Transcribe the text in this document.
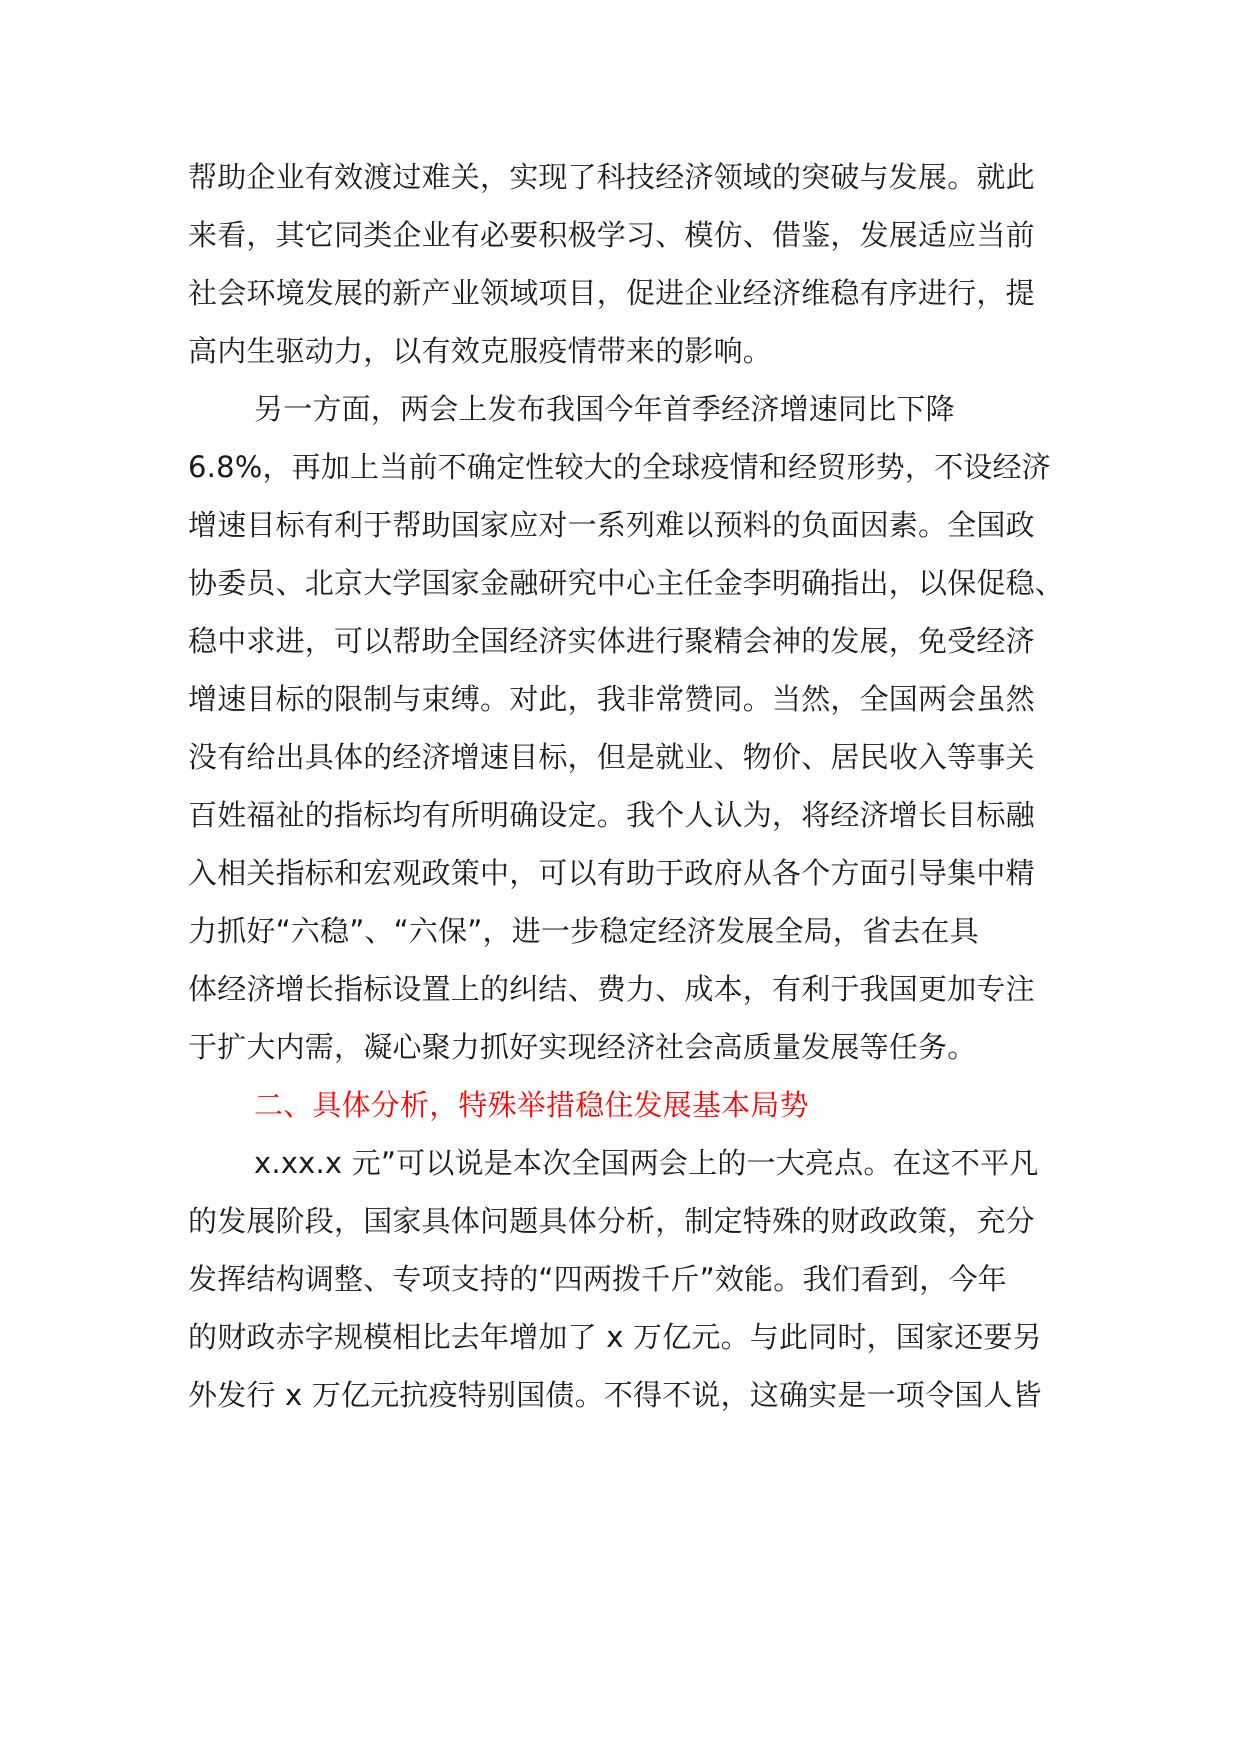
帮助企业有效渡过难关，实现了科技经济领域的突破与发展。就此
来看，其它同类企业有必要积极学习、模仿、借鉴，发展适应当前
社会环境发展的新产业领域项目，促进企业经济维稳有序进行，提
高内生驱动力，以有效克服疫情带来的影响。
另一方面，两会上发布我国今年首季经济增速同比下降
6.8%，再加上当前不确定性较大的全球疫情和经贸形势，不设经济
增速目标有利于帮助国家应对一系列难以预料的负面因素。全国政
协委员、北京大学国家金融研究中心主任金李明确指出，以保促稳、
稳中求进，可以帮助全国经济实体进行聚精会神的发展，免受经济
增速目标的限制与束缚。对此，我非常赞同。当然，全国两会虽然
没有给出具体的经济增速目标，但是就业、物价、居民收入等事关
百姓福祉的指标均有所明确设定。我个人认为，将经济增长目标融
入相关指标和宏观政策中，可以有助于政府从各个方面引导集中精
力抓好“六稳”、“六保”，进一步稳定经济发展全局，省去在具
体经济增长指标设置上的纠结、费力、成本，有利于我国更加专注
于扩大内需，凝心聚力抓好实现经济社会高质量发展等任务。
二、具体分析，特殊举措稳住发展基本局势
x.xx.x 元”可以说是本次全国两会上的一大亮点。在这不平凡
的发展阶段，国家具体问题具体分析，制定特殊的财政政策，充分
发挥结构调整、专项支持的“四两拨千斤”效能。我们看到，今年
的财政赤字规模相比去年增加了 x 万亿元。与此同时，国家还要另
外发行 x 万亿元抗疫特别国债。不得不说，这确实是一项令国人皆
